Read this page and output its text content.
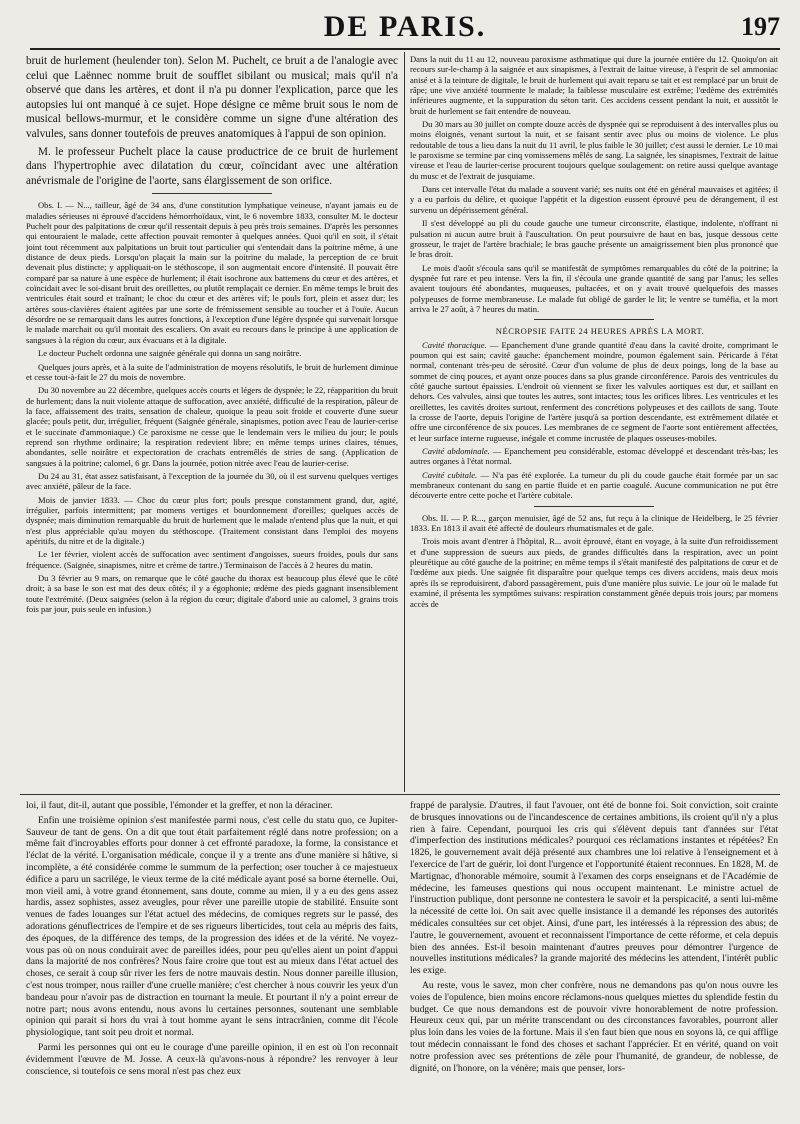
DE PARIS.	197

bruit de hurlement (heulender ton). Selon M. Puchelt, ce bruit a de l'analogie avec celui que Laënnec nomme bruit de soufflet sibilant ou musical; mais qu'il n'a observé que dans les artères, et dont il n'a pu donner l'explication, parce que les autopsies lui ont manqué à ce sujet. Hope désigne ce même bruit sous le nom de musical bellows-murmur, et le considère comme un signe d'une altération des valvules, sans donner toutefois de preuves anatomiques à l'appui de son opinion.

M. le professeur Puchelt place la cause productrice de ce bruit de hurlement dans l'hypertrophie avec dilatation du cœur, coïncidant avec une altération anévrismale de l'origine de l'aorte, sans élargissement de son orifice.

Obs. I. — N..., tailleur, âgé de 34 ans, d'une constitution lymphatique veineuse, n'ayant jamais eu de maladies sérieuses ni éprouvé d'accidens hémorrhoïdaux, vint, le 6 novembre 1833, consulter M. le docteur Puchelt pour des palpitations de cœur qu'il ressentait depuis à peu près trois semaines. D'après les personnes qui entouraient le malade, cette affection pouvait remonter à quelques années. Quoi qu'il en soit, il s'était joint tout récemment aux palpitations un bruit tout particulier qui s'entendait dans la poitrine même, à une distance de deux pieds. Lorsqu'on plaçait la main sur la poitrine du malade, la perception de ce bruit devenait plus distincte; y appliquait-on le stéthoscope, il son augmentait encore d'intensité. Il pouvait être comparé par sa nature à une espèce de hurlement; il était isochrone aux battemens du cœur et des artères, et coïncidait avec le soi-disant bruit des oreillettes, ou plutôt remplaçait ce dernier. En même temps le bruit des ventricules était sourd et traînant; le choc du cœur et des artères vif; le pouls fort, plein et assez dur; les artères sous-clavières étaient agitées par une sorte de frémissement sensible au toucher et à l'ouïe. Aucun désordre ne se remarquait dans les autres fonctions, à l'exception d'une légère dyspnée qui survenait lorsque le malade marchait ou qu'il montait des escaliers. On avait eu recours dans le principe à une application de sangsues à la région du cœur, aux évacuans et à la digitale.

Le docteur Puchelt ordonna une saignée générale qui donna un sang noirâtre.

Quelques jours après, et à la suite de l'administration de moyens résolutifs, le bruit de hurlement diminue et cesse tout-à-fait le 27 du mois de novembre.

Du 30 novembre au 22 décembre, quelques accès courts et légers de dyspnée; le 22, réapparition du bruit de hurlement; dans la nuit violente attaque de suffocation, avec anxiété, difficulté de la respiration, pâleur de la face, affaissement des traits, sensation de chaleur, quoique la peau soit froide et couverte d'une sueur glacée; pouls petit, dur, irrégulier, fréquent (Saignée générale, sinapismes, potion avec l'eau de laurier-cerise et le succinate d'ammoniaque.) Ce paroxisme ne cesse que le lendemain vers le milieu du jour; le pouls reprend son rhythme ordinaire; la respiration redevient libre; en même temps urines claires, ténues, abondantes, selle noirâtre et expectoration de crachats entremêlés de stries de sang. (Application de sangsues à la poitrine; calomel, 6 gr. Dans la journée, potion nitrée avec l'eau de laurier-cerise.

Du 24 au 31, état assez satisfaisant, à l'exception de la journée du 30, où il est survenu quelques vertiges avec anxiété, pâleur de la face.

Mois de janvier 1833. — Choc du cœur plus fort; pouls presque constamment grand, dur, agité, irrégulier, parfois intermittent; par momens vertiges et bourdonnement d'oreilles; quelques accès de dyspnée; mais diminution remarquable du bruit de hurlement que le malade n'entend plus que la nuit, et qui n'est plus appréciable qu'au moyen du stéthoscope. (Traitement consistant dans l'emploi des moyens apéritifs, du nitre et de la digitale.)

Le 1er février, violent accès de suffocation avec sentiment d'angoisses, sueurs froides, pouls dur sans fréquence. (Saignée, sinapismes, nitre et crème de tartre.) Terminaison de l'accès à 2 heures du matin.

Du 3 février au 9 mars, on remarque que le côté gauche du thorax est beaucoup plus élevé que le côté droit; à sa base le son est mat des deux côtés; il y a égophonie; œdème des pieds gagnant insensiblement toute l'extrémité. (Deux saignées (selon à la région du cœur; digitale d'abord unie au calomel, 3 grains trois fois par jour, puis seule en infusion.)

Dans la nuit du 11 au 12, nouveau paroxisme asthmatique qui dure la journée entière du 12. Quoiqu'on ait recours sur-le-champ à la saignée et aux sinapismes, à l'extrait de laitue vireuse, à l'esprit de sel ammoniac anisé et à la teinture de digitale, le bruit de hurlement qui avait reparu se tait et est remplacé par un bruit de râpe; une vive anxiété tourmente le malade; la faiblesse musculaire est extrême; l'œdème des extrémités inférieures augmente, et la suppuration du séton tarit. Ces accidens cessent pendant la nuit, et aussitôt le bruit de hurlement se fait entendre de nouveau.

Du 30 mars au 30 juillet on compte douze accès de dyspnée qui se reproduisent à des intervalles plus ou moins éloignés, venant surtout la nuit, et se faisant sentir avec plus ou moins de violence. Le plus redoutable de tous a lieu dans la nuit du 11 avril, le plus faible le 30 juillet; c'est aussi le dernier. Le 10 mai le paroxisme se termine par cinq vomissemens mêlés de sang. La saignée, les sinapismes, l'extrait de laitue vireuse et l'eau de laurier-cerise procurent toujours quelque soulagement: on retire aussi quelque avantage du musc et de l'extrait de jusquiame.

Dans cet intervalle l'état du malade a souvent varié; ses nuits ont été en général mauvaises et agitées; il y a eu parfois du délire, et quoique l'appétit et la digestion eussent éprouvé peu de dérangement, il est survenu un dépérissement général.

Il s'est développé au pli du coude gauche une tumeur circonscrite, élastique, indolente, n'offrant ni pulsation ni aucun autre bruit à l'auscultation. On peut poursuivre de haut en bas, jusque dessous cette grosseur, le trajet de l'artère brachiale; le bras gauche présente un amaigrissement bien plus prononcé que le bras droit.

Le mois d'août s'écoula sans qu'il se manifestât de symptômes remarquables du côté de la poitrine; la dyspnée fut rare et peu intense. Vers la fin, il s'écoula une grande quantité de sang par l'anus; les selles avaient toujours été abondantes, muqueuses, pultacées, et on y avait trouvé quelquefois des masses polypeuses de forme membraneuse. Le malade fut obligé de garder le lit; le ventre se tuméfia, et la mort arriva le 27 août, à 7 heures du matin.

NÉCROPSIE FAITE 24 HEURES APRÈS LA MORT.

Cavité thoracique. — Epanchement d'une grande quantité d'eau dans la cavité droite, comprimant le poumon qui est sain; cavité gauche: épanchement moindre, poumon également sain. Péricarde à l'état normal, contenant très-peu de sérosité. Cœur d'un volume de plus de deux poings, long de la base au sommet de cinq pouces, et ayant onze pouces dans sa plus grande circonférence. Parois des ventricules du côté gauche surtout épaissies. L'endroit où viennent se fixer les valvules aortiques est dur, et saillant en dehors. Ces valvules, ainsi que toutes les autres, sont intactes; tous les orifices libres. Les ventricules et les oreillettes, les cavités droites surtout, renferment des concrétions polypeuses et des caillots de sang. Toute la crosse de l'aorte, depuis l'origine de l'artère jusqu'à sa portion descendante, est extrêmement dilatée et offre une circonférence de six pouces. Les membranes de ce segment de l'aorte sont entièrement affectées, et leur surface interne rugueuse, inégale et comme incrustée de plaques osseuses-mobiles.

Cavité abdominale. — Epanchement peu considérable, estomac développé et descendant très-bas; les autres organes à l'état normal.

Cavité cubitale. — N'a pas été explorée. La tumeur du pli du coude gauche était formée par un sac membraneux contenant du sang en partie fluide et en partie coagulé. Aucune communication ne put être découverte entre cette poche et l'artère cubitale.

Obs. II. — P. R..., garçon menuisier, âgé de 52 ans, fut reçu à la clinique de Heidelberg, le 25 février 1833. En 1813 il avait été affecté de douleurs rhumatismales et de gale.

Trois mois avant d'entrer à l'hôpital, R... avoit éprouvé, étant en voyage, à la suite d'un refroidissement et d'une suppression de sueurs aux pieds, de grandes difficultés dans la respiration, avec un point pleurétique au côté gauche de la poitrine; en même temps il s'était manifesté des palpitations de cœur et de l'œdème aux pieds. Une saignée fit disparaître pour quelque temps ces divers accidens, mais deux mois après ils se reproduisirent, d'abord passagèrement, puis d'une manière plus suivie. Le jour où le malade fut examiné, il présenta les symptômes suivans: respiration constamment gênée depuis trois jours; par momens accès de

loi, il faut, dit-il, autant que possible, l'émonder et la greffer, et non la déraciner.

Enfin une troisième opinion s'est manifestée parmi nous, c'est celle du statu quo, ce Jupiter-Sauveur de tant de gens. On a dit que tout était parfaitement réglé dans notre profession; on a même fait d'incroyables efforts pour donner à cet effronté paradoxe, la forme, la consistance et l'éclat de la vérité. L'organisation médicale, conçue il y a trente ans d'une manière si hâtive, si incomplète, a été considérée comme le summum de la perfection; oser toucher à ce majestueux édifice a paru un sacrilége, le vieux terme de la cité médicale ayant posé sa borne éternelle. Oui, mon vieil ami, à votre grand étonnement, sans doute, comme au mien, il y a eu des gens assez hardis, assez sophistes, assez aveugles, pour rêver une pareille utopie de stabilité. Ensuite sont venues de fades louanges sur l'état actuel des médecins, de comiques regrets sur le passé, des adorations génuflectrices de l'empire et de ses rigueurs liberticides, tout cela au mépris des faits, des époques, de la différence des temps, de la progression des idées et de la vérité. Ne voyez-vous pas où on nous conduirait avec de pareilles idées, pour peu qu'elles aient un point d'appui dans la majorité de nos confrères? Nous faire croire que tout est au mieux dans l'état actuel des choses, ce serait à coup sûr river les fers de notre mauvais destin. Nous donner pareille illusion, c'est nous tromper, nous railler d'une cruelle manière; c'est chercher à nous couvrir les yeux d'un bandeau pour n'avoir pas de distraction en tournant la meule. Et pourtant il n'y a point erreur de notre part; nous avons entendu, nous avons lu certaines personnes, soutenant une semblable opinion qui parait si hors du vrai à tout homme ayant le sens intracrânien, comme dit l'école physiologique, tant soit peu droit et normal.

Parmi les personnes qui ont eu le courage d'une pareille opinion, il en est où l'on reconnait évidemment l'œuvre de M. Josse. A ceux-là qu'avons-nous à répondre? les renvoyer à leur conscience, si toutefois ce sens moral n'est pas chez eux

frappé de paralysie. D'autres, il faut l'avouer, ont été de bonne foi. Soit conviction, soit crainte de brusques innovations ou de l'incandescence de certaines ambitions, ils croient qu'il n'y a plus rien à faire. Cependant, pourquoi les cris qui s'élèvent depuis tant d'années sur l'état d'imperfection des institutions médicales? pourquoi ces réclamations instantes et répétées? En 1826, le gouvernement avait déjà présenté aux chambres une loi relative à l'enseignement et à l'exercice de l'art de guérir, loi dont l'urgence et l'opportunité étaient reconnues. En 1828, M. de Martignac, d'honorable mémoire, soumit à l'examen des corps enseignans et de l'Académie de médecine, les fameuses questions qui nous occupent maintenant. Le ministre actuel de l'instruction publique, dont personne ne contestera le savoir et la perspicacité, a senti lui-même la nécessité de cette loi. On sait avec quelle insistance il a demandé les réponses des autorités médicales consultées sur cet objet. Ainsi, d'une part, les intéressés à la répression des abus; de l'autre, le gouvernement, avouent et reconnaissent l'importance de cette réforme, et cela depuis bien des années. Est-il besoin maintenant d'autres preuves pour démontrer l'urgence de nouvelles institutions médicales? la grande majorité des médecins les attendent, l'intérêt public les exige.

Au reste, vous le savez, mon cher confrère, nous ne demandons pas qu'on nous ouvre les voies de l'opulence, bien moins encore réclamons-nous quelques miettes du splendide festin du budget. Ce que nous demandons est de pouvoir vivre honorablement de notre profession. Heureux ceux qui, par un mérite transcendant ou des circonstances favorables, pourront aller plus loin dans les voies de la fortune. Mais il s'en faut bien que nous en soyons là, ce qui afflige tout médecin connaissant le fond des choses et sachant l'apprécier. Et en vérité, quand on voit notre profession avec ses prétentions de zèle pour l'humanité, de grandeur, de noblesse, de dignité, on l'honore, on la vénère; mais que penser, lors-
